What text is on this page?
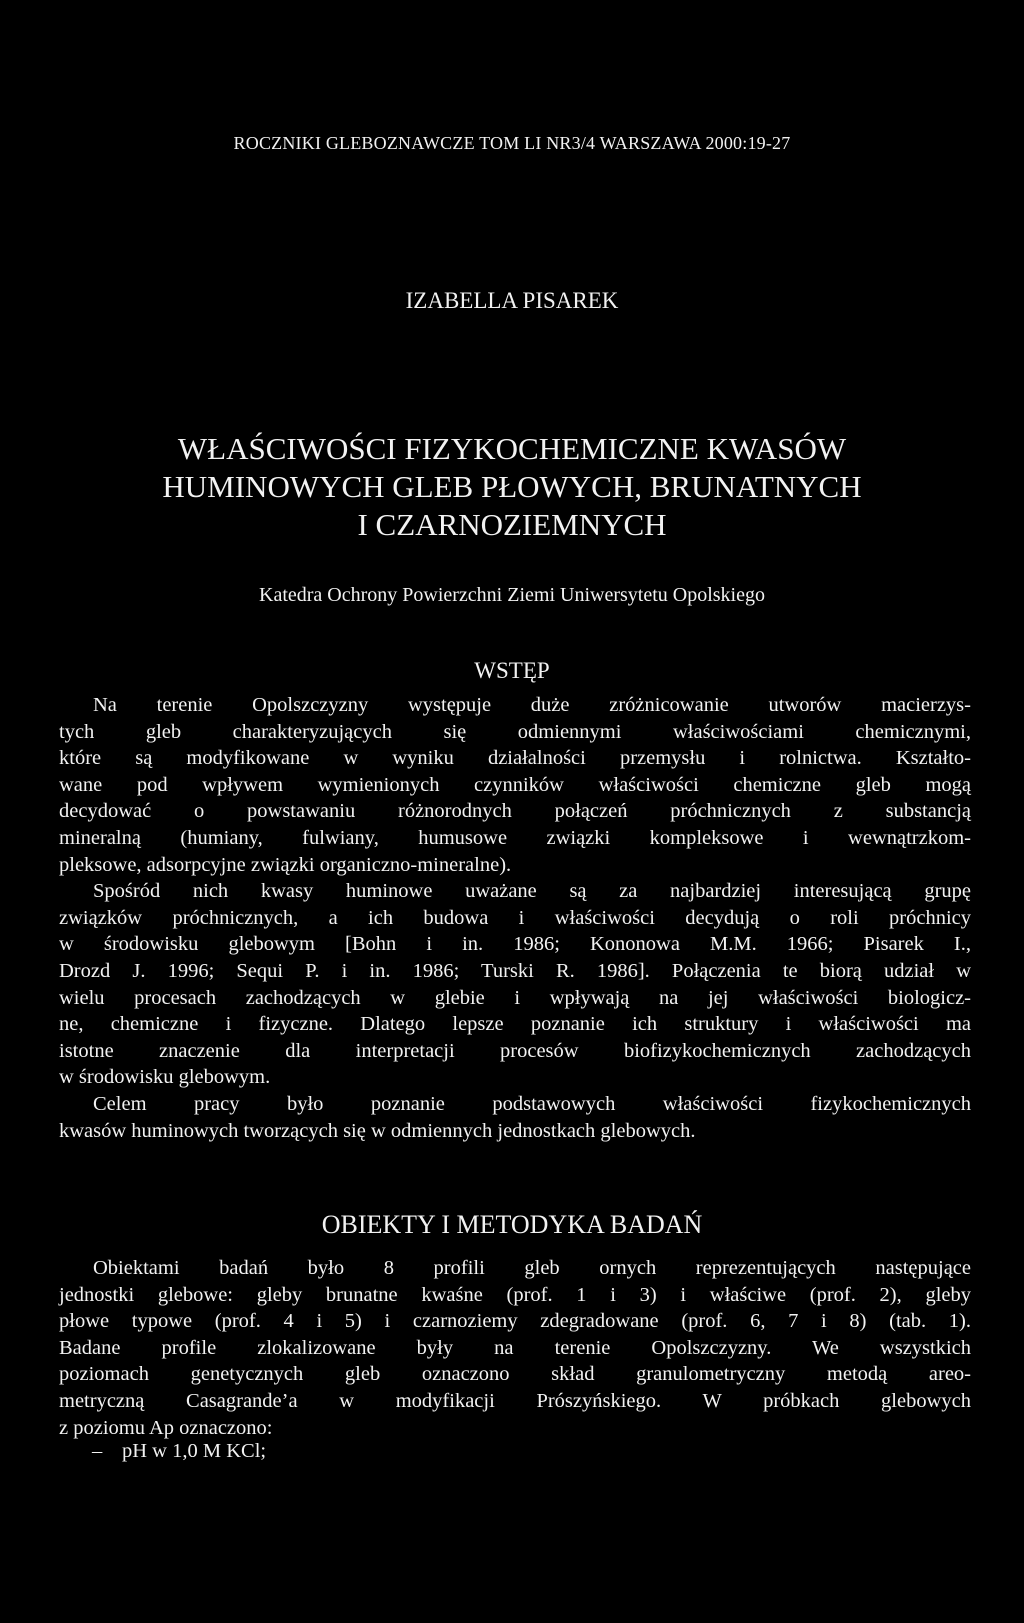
ROCZNIKI GLEBOZNAWCZE TOM LI NR3/4 WARSZAWA 2000:19-27
IZABELLA PISAREK
WŁAŚCIWOŚCI FIZYKOCHEMICZNE KWASÓW
HUMINOWYCH GLEB PŁOWYCH, BRUNATNYCH
I CZARNOZIEMNYCH
Katedra Ochrony Powierzchni Ziemi Uniwersytetu Opolskiego
WSTĘP
Na terenie Opolszczyzny występuje duże zróżnicowanie utworów macierzys-
tych gleb charakteryzujących się odmiennymi właściwościami chemicznymi,
które są modyfikowane w wyniku działalności przemysłu i rolnictwa. Kształto-
wane pod wpływem wymienionych czynników właściwości chemiczne gleb mogą
decydować o powstawaniu różnorodnych połączeń próchnicznych z substancją
mineralną (humiany, fulwiany, humusowe związki kompleksowe i wewnątrzkom-
pleksowe, adsorpcyjne związki organiczno-mineralne).
Spośród nich kwasy huminowe uważane są za najbardziej interesującą grupę
związków próchnicznych, a ich budowa i właściwości decydują o roli próchnicy
w środowisku glebowym [Bohn i in. 1986; Kononowa M.M. 1966; Pisarek I.,
Drozd J. 1996; Sequi P. i in. 1986; Turski R. 1986]. Połączenia te biorą udział w
wielu procesach zachodzących w glebie i wpływają na jej właściwości biologicz-
ne, chemiczne i fizyczne. Dlatego lepsze poznanie ich struktury i właściwości ma
istotne znaczenie dla interpretacji procesów biofizykochemicznych zachodzących
w środowisku glebowym.
Celem pracy było poznanie podstawowych właściwości fizykochemicznych
kwasów huminowych tworzących się w odmiennych jednostkach glebowych.
OBIEKTY I METODYKA BADAŃ
Obiektami badań było 8 profili gleb ornych reprezentujących następujące
jednostki glebowe: gleby brunatne kwaśne (prof. 1 i 3) i właściwe (prof. 2), gleby
płowe typowe (prof. 4 i 5) i czarnoziemy zdegradowane (prof. 6, 7 i 8) (tab. 1).
Badane profile zlokalizowane były na terenie Opolszczyzny. We wszystkich
poziomach genetycznych gleb oznaczono skład granulometryczny metodą areo-
metryczną Casagrande’a w modyfikacji Prószyńskiego. W próbkach glebowych
z poziomu Ap oznaczono:
– pH w 1,0 M KCl;
